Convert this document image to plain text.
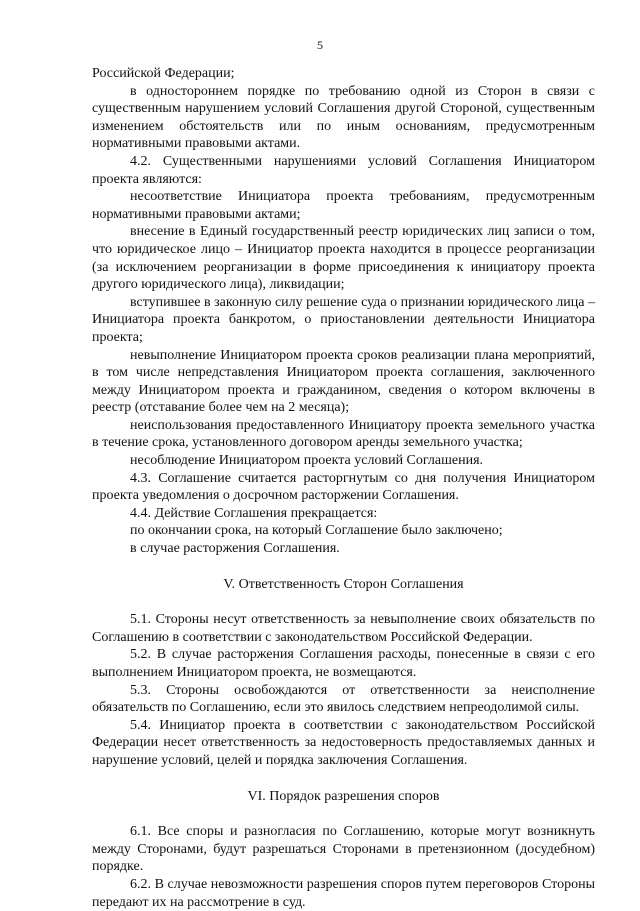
5

Российской Федерации;

в одностороннем порядке по требованию одной из Сторон в связи с существенным нарушением условий Соглашения другой Стороной, существенным изменением обстоятельств или по иным основаниям, предусмотренным нормативными правовыми актами.

4.2. Существенными нарушениями условий Соглашения Инициатором проекта являются:

несоответствие Инициатора проекта требованиям, предусмотренным нормативными правовыми актами;

внесение в Единый государственный реестр юридических лиц записи о том, что юридическое лицо – Инициатор проекта находится в процессе реорганизации (за исключением реорганизации в форме присоединения к инициатору проекта другого юридического лица), ликвидации;

вступившее в законную силу решение суда о признании юридического лица – Инициатора проекта банкротом, о приостановлении деятельности Инициатора проекта;

невыполнение Инициатором проекта сроков реализации плана мероприятий, в том числе непредставления Инициатором проекта соглашения, заключенного между Инициатором проекта и гражданином, сведения о котором включены в реестр (отставание более чем на 2 месяца);

неиспользования предоставленного Инициатору проекта земельного участка в течение срока, установленного договором аренды земельного участка;

несоблюдение Инициатором проекта условий Соглашения.

4.3. Соглашение считается расторгнутым со дня получения Инициатором проекта уведомления о досрочном расторжении Соглашения.

4.4. Действие Соглашения прекращается:

по окончании срока, на который Соглашение было заключено;

в случае расторжения Соглашения.

V. Ответственность Сторон Соглашения

5.1. Стороны несут ответственность за невыполнение своих обязательств по Соглашению в соответствии с законодательством Российской Федерации.

5.2. В случае расторжения Соглашения расходы, понесенные в связи с его выполнением Инициатором проекта, не возмещаются.

5.3. Стороны освобождаются от ответственности за неисполнение обязательств по Соглашению, если это явилось следствием непреодолимой силы.

5.4. Инициатор проекта в соответствии с законодательством Российской Федерации несет ответственность за недостоверность предоставляемых данных и нарушение условий, целей и порядка заключения Соглашения.

VI. Порядок разрешения споров

6.1. Все споры и разногласия по Соглашению, которые могут возникнуть между Сторонами, будут разрешаться Сторонами в претензионном (досудебном) порядке.

6.2. В случае невозможности разрешения споров путем переговоров Стороны передают их на рассмотрение в суд.
